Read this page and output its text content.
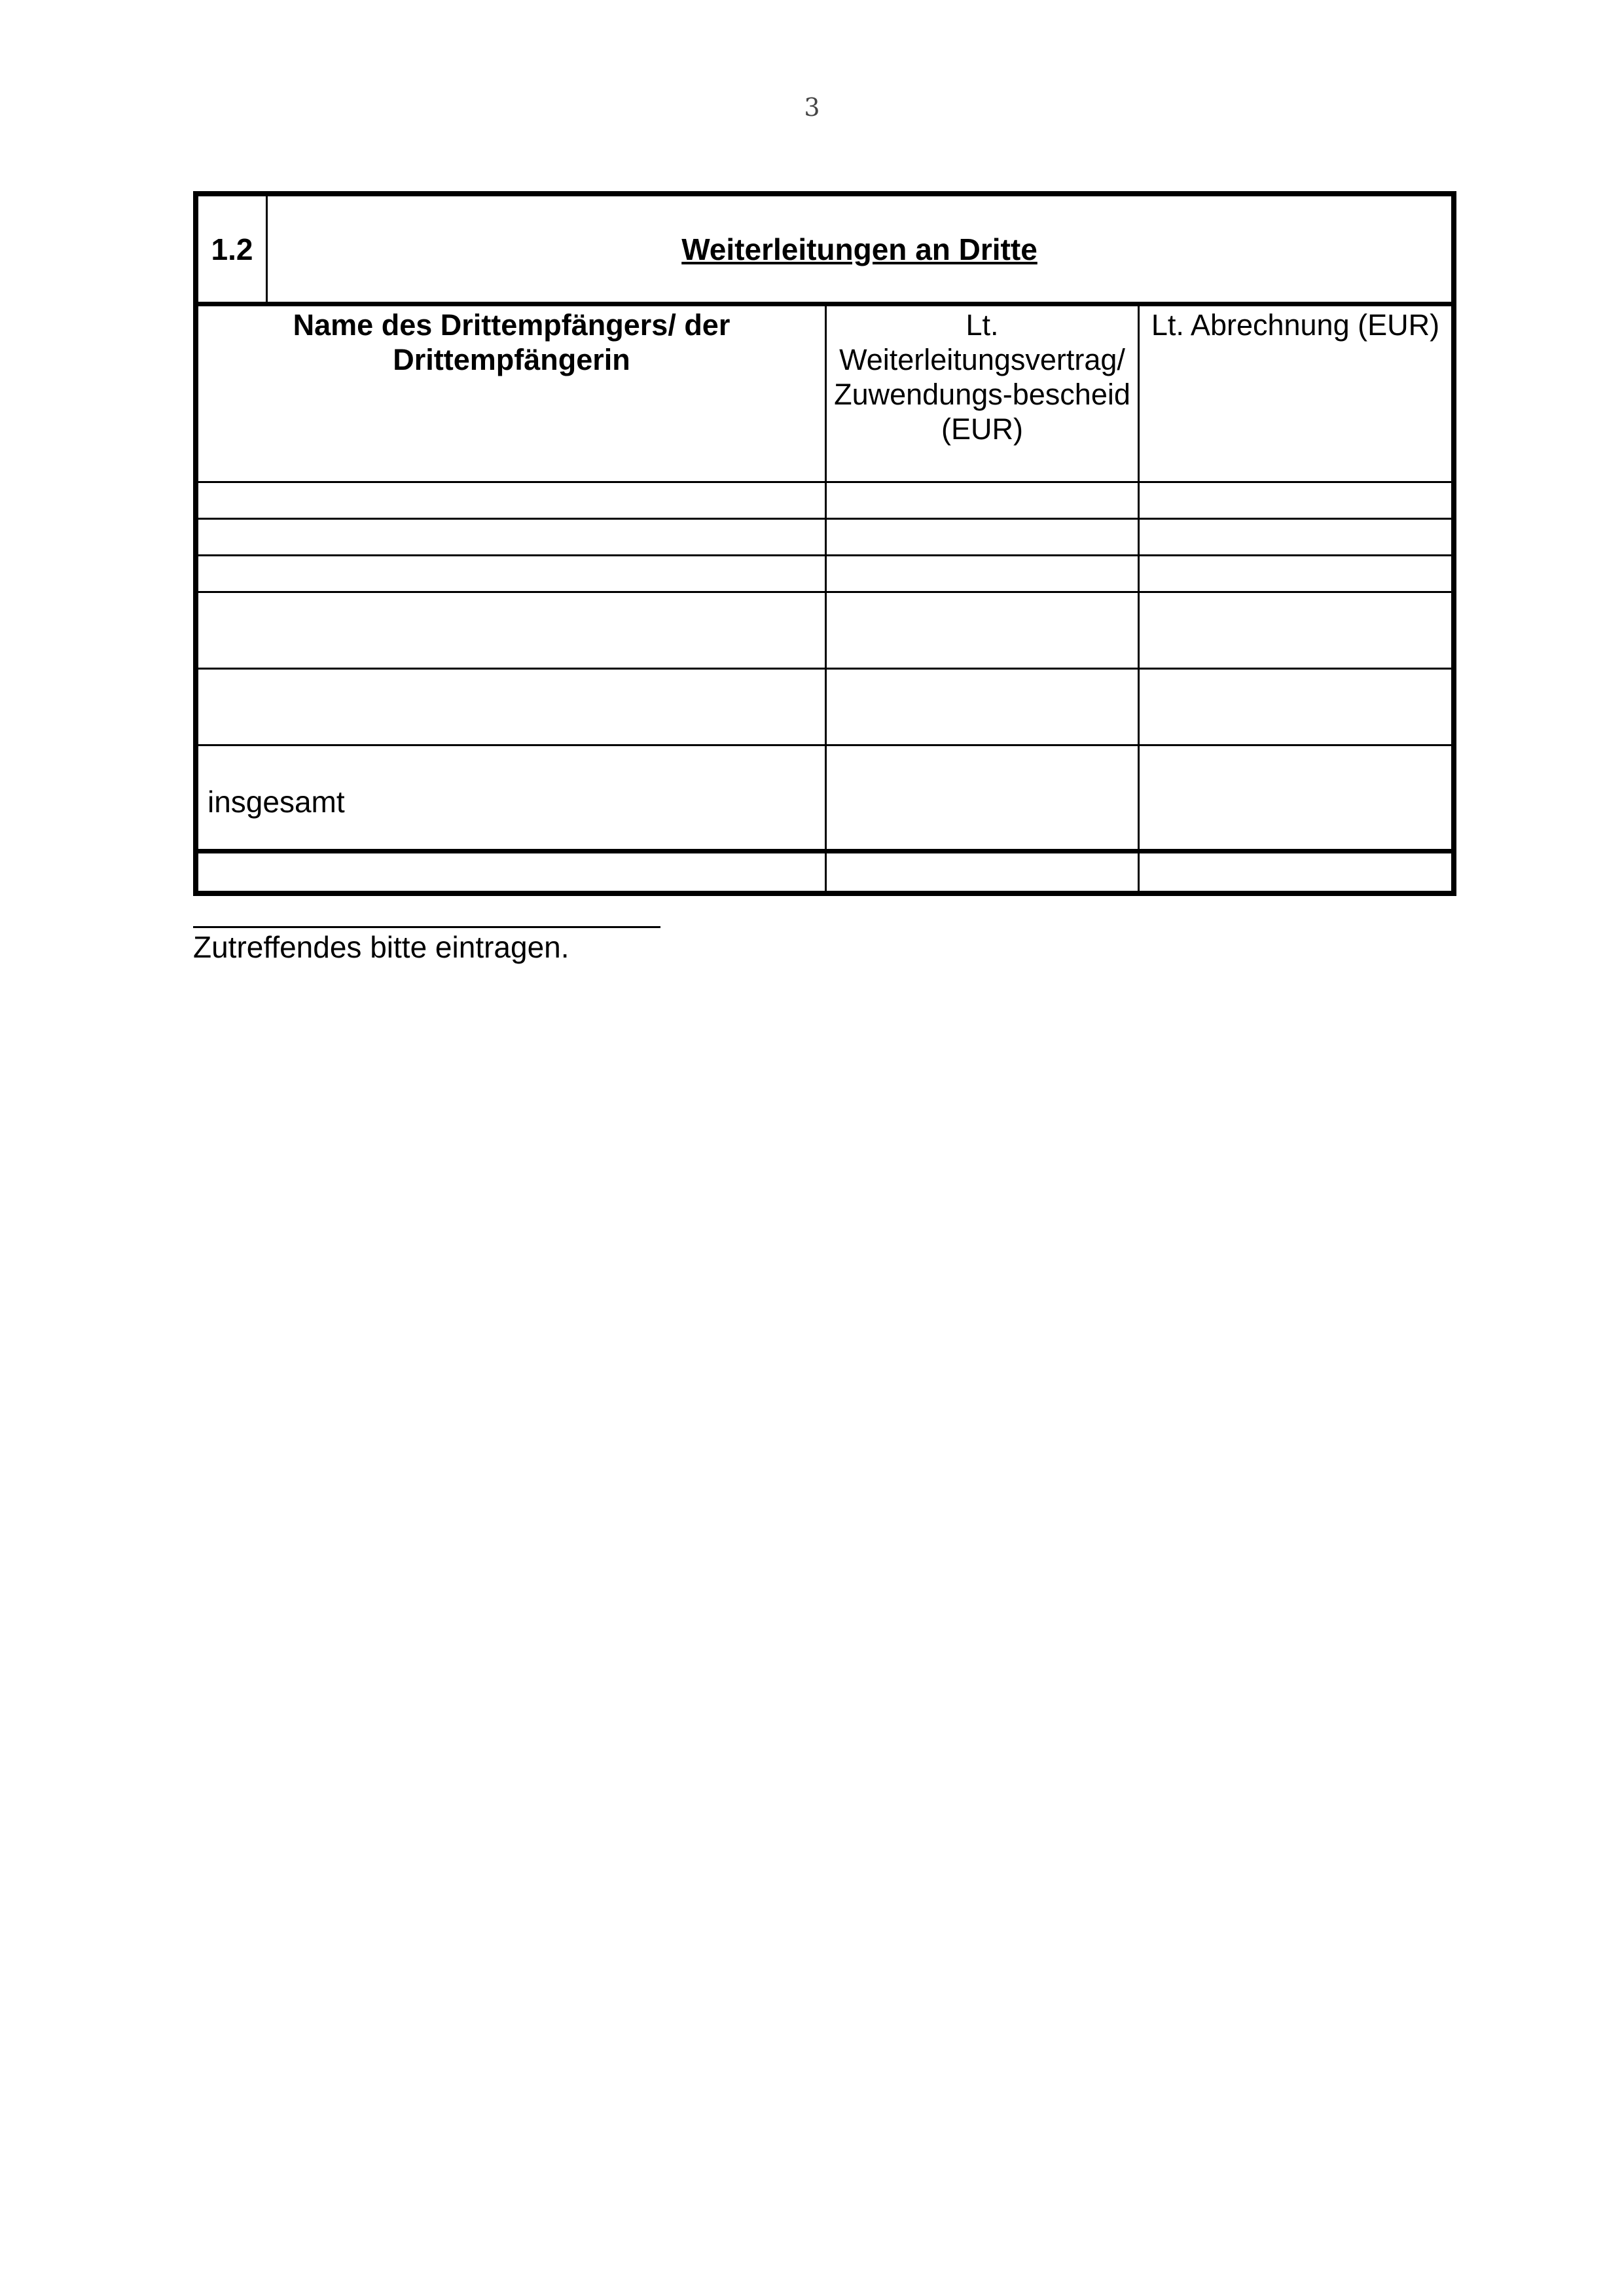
3
1.2	Weiterleitungen an Dritte
Name des Drittempfängers/ der Drittempfängerin
Lt. Weiterleitungsvertrag/ Zuwendungs-bescheid (EUR)
Lt. Abrechnung (EUR)
insgesamt
Zutreffendes bitte eintragen.
